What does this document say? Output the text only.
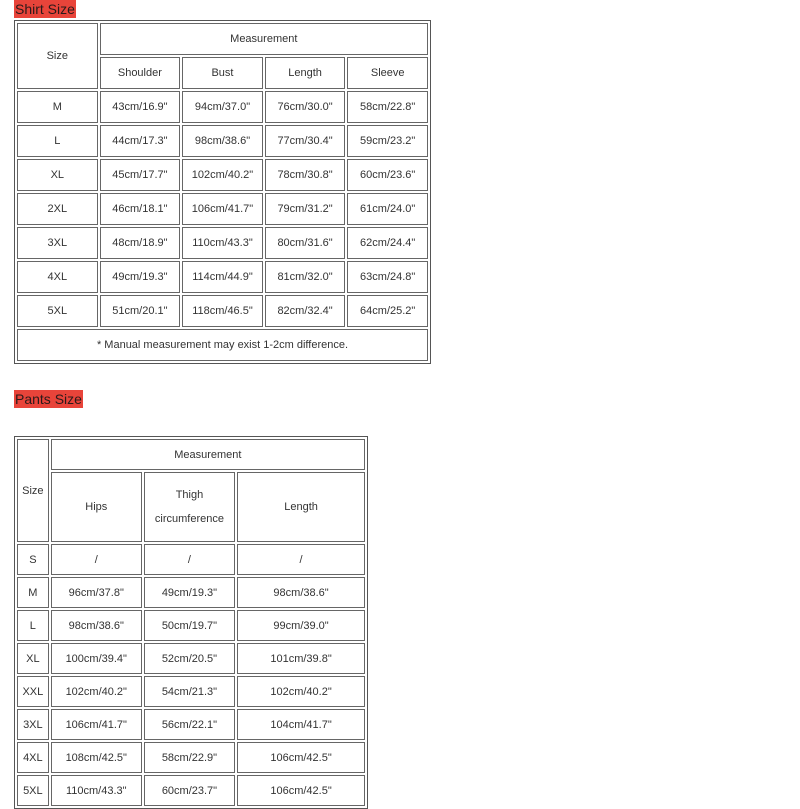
Shirt Size
Size	Measurement			
	Shoulder	Bust	Length	Sleeve
M	43cm/16.9"	94cm/37.0"	76cm/30.0"	58cm/22.8"
L	44cm/17.3"	98cm/38.6"	77cm/30.4"	59cm/23.2"
XL	45cm/17.7"	102cm/40.2"	78cm/30.8"	60cm/23.6"
2XL	46cm/18.1"	106cm/41.7"	79cm/31.2"	61cm/24.0"
3XL	48cm/18.9"	110cm/43.3"	80cm/31.6"	62cm/24.4"
4XL	49cm/19.3"	114cm/44.9"	81cm/32.0"	63cm/24.8"
5XL	51cm/20.1"	118cm/46.5"	82cm/32.4"	64cm/25.2"
* Manual measurement may exist 1-2cm difference.				
Pants Size
Size	Measurement		
	Hips	Thigh circumference	Length
S	/	/	/
M	96cm/37.8"	49cm/19.3"	98cm/38.6"
L	98cm/38.6"	50cm/19.7"	99cm/39.0"
XL	100cm/39.4"	52cm/20.5"	101cm/39.8"
XXL	102cm/40.2"	54cm/21.3"	102cm/40.2"
3XL	106cm/41.7"	56cm/22.1"	104cm/41.7"
4XL	108cm/42.5"	58cm/22.9"	106cm/42.5"
5XL	110cm/43.3"	60cm/23.7"	106cm/42.5"
